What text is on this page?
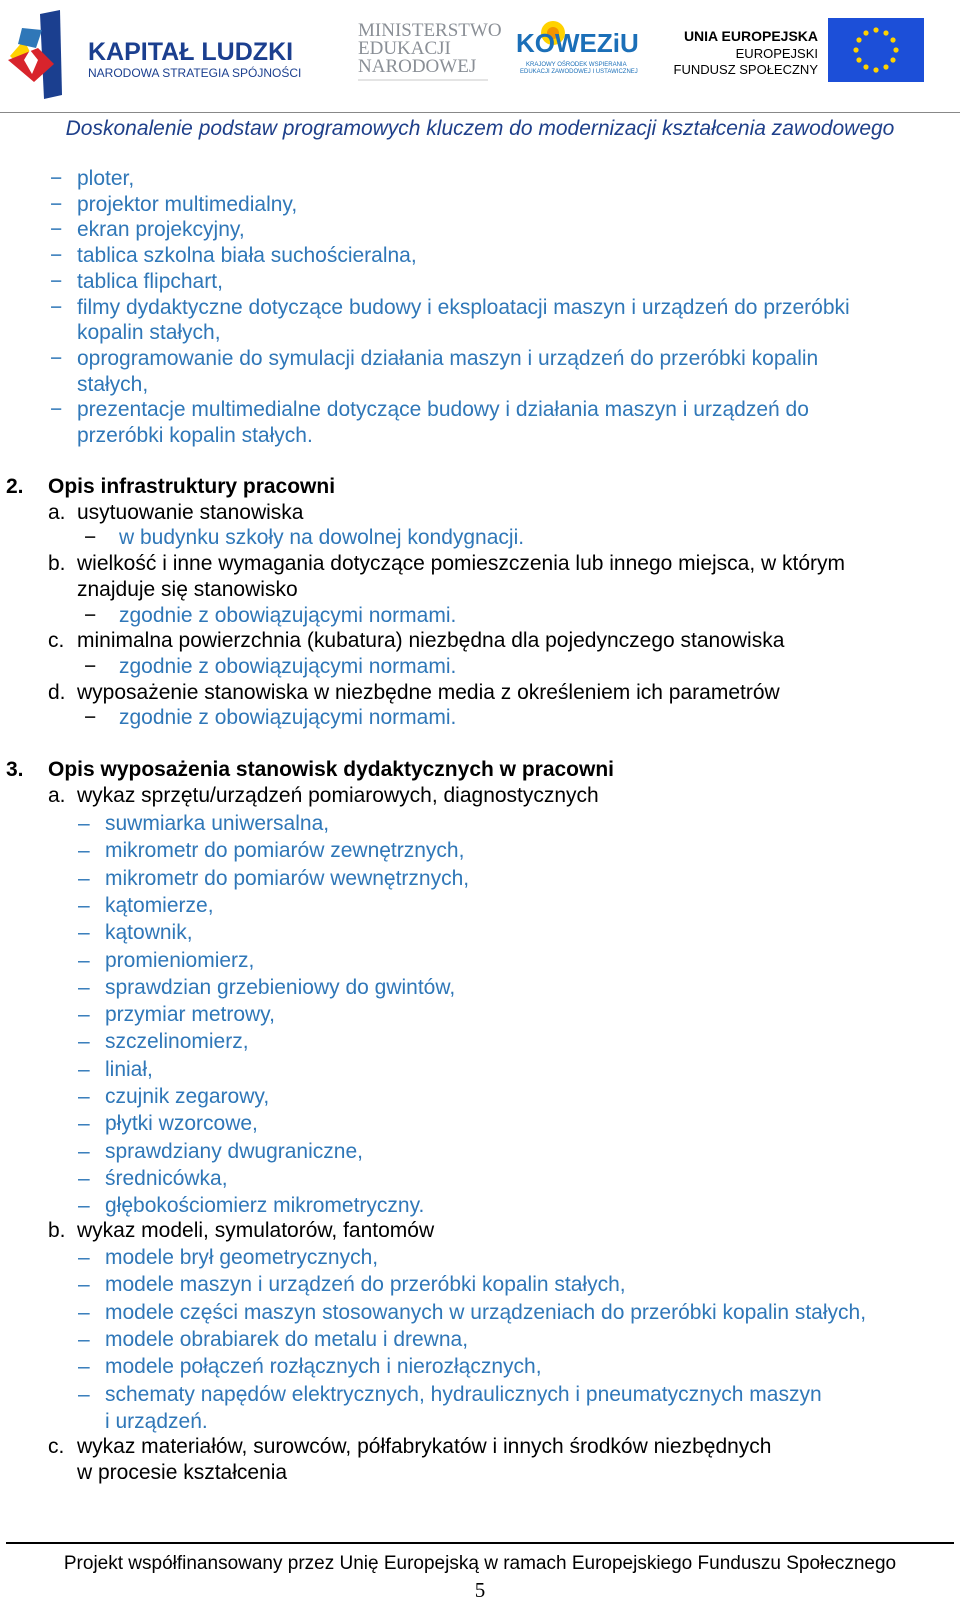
KAPITAŁ LUDZKI
NARODOWA STRATEGIA SPÓJNOŚCI
MINISTERSTWO
EDUKACJI
NARODOWEJ
KOWEZiU
KRAJOWY OŚRODEK WSPIERANIA
EDUKACJI ZAWODOWEJ I USTAWICZNEJ
UNIA EUROPEJSKA
EUROPEJSKI
FUNDUSZ SPOŁECZNY
Doskonalenie podstaw programowych kluczem do modernizacji kształcenia zawodowego
− ploter,
− projektor multimedialny,
− ekran projekcyjny,
− tablica szkolna biała suchościeralna,
− tablica flipchart,
− filmy dydaktyczne dotyczące budowy i eksploatacji maszyn i urządzeń do przeróbki
kopalin stałych,
− oprogramowanie do symulacji działania maszyn i urządzeń do przeróbki kopalin
stałych,
− prezentacje multimedialne dotyczące budowy i działania maszyn i urządzeń do
przeróbki kopalin stałych.
2. Opis infrastruktury pracowni
a. usytuowanie stanowiska
− w budynku szkoły na dowolnej kondygnacji.
b. wielkość i inne wymagania dotyczące pomieszczenia lub innego miejsca, w którym
znajduje się stanowisko
− zgodnie z obowiązującymi normami.
c. minimalna powierzchnia (kubatura) niezbędna dla pojedynczego stanowiska
− zgodnie z obowiązującymi normami.
d. wyposażenie stanowiska w niezbędne media z określeniem ich parametrów
− zgodnie z obowiązującymi normami.
3. Opis wyposażenia stanowisk dydaktycznych w pracowni
a. wykaz sprzętu/urządzeń pomiarowych, diagnostycznych
– suwmiarka uniwersalna,
– mikrometr do pomiarów zewnętrznych,
– mikrometr do pomiarów wewnętrznych,
– kątomierze,
– kątownik,
– promieniomierz,
– sprawdzian grzebieniowy do gwintów,
– przymiar metrowy,
– szczelinomierz,
– liniał,
– czujnik zegarowy,
– płytki wzorcowe,
– sprawdziany dwugraniczne,
– średnicówka,
– głębokościomierz mikrometryczny.
b. wykaz modeli, symulatorów, fantomów
– modele brył geometrycznych,
– modele maszyn i urządzeń do przeróbki kopalin stałych,
– modele części maszyn stosowanych w urządzeniach do przeróbki kopalin stałych,
– modele obrabiarek do metalu i drewna,
– modele połączeń rozłącznych i nierozłącznych,
– schematy napędów elektrycznych, hydraulicznych i pneumatycznych maszyn
i urządzeń.
c. wykaz materiałów, surowców, półfabrykatów i innych środków niezbędnych
w procesie kształcenia
Projekt współfinansowany przez Unię Europejską w ramach Europejskiego Funduszu Społecznego
5
